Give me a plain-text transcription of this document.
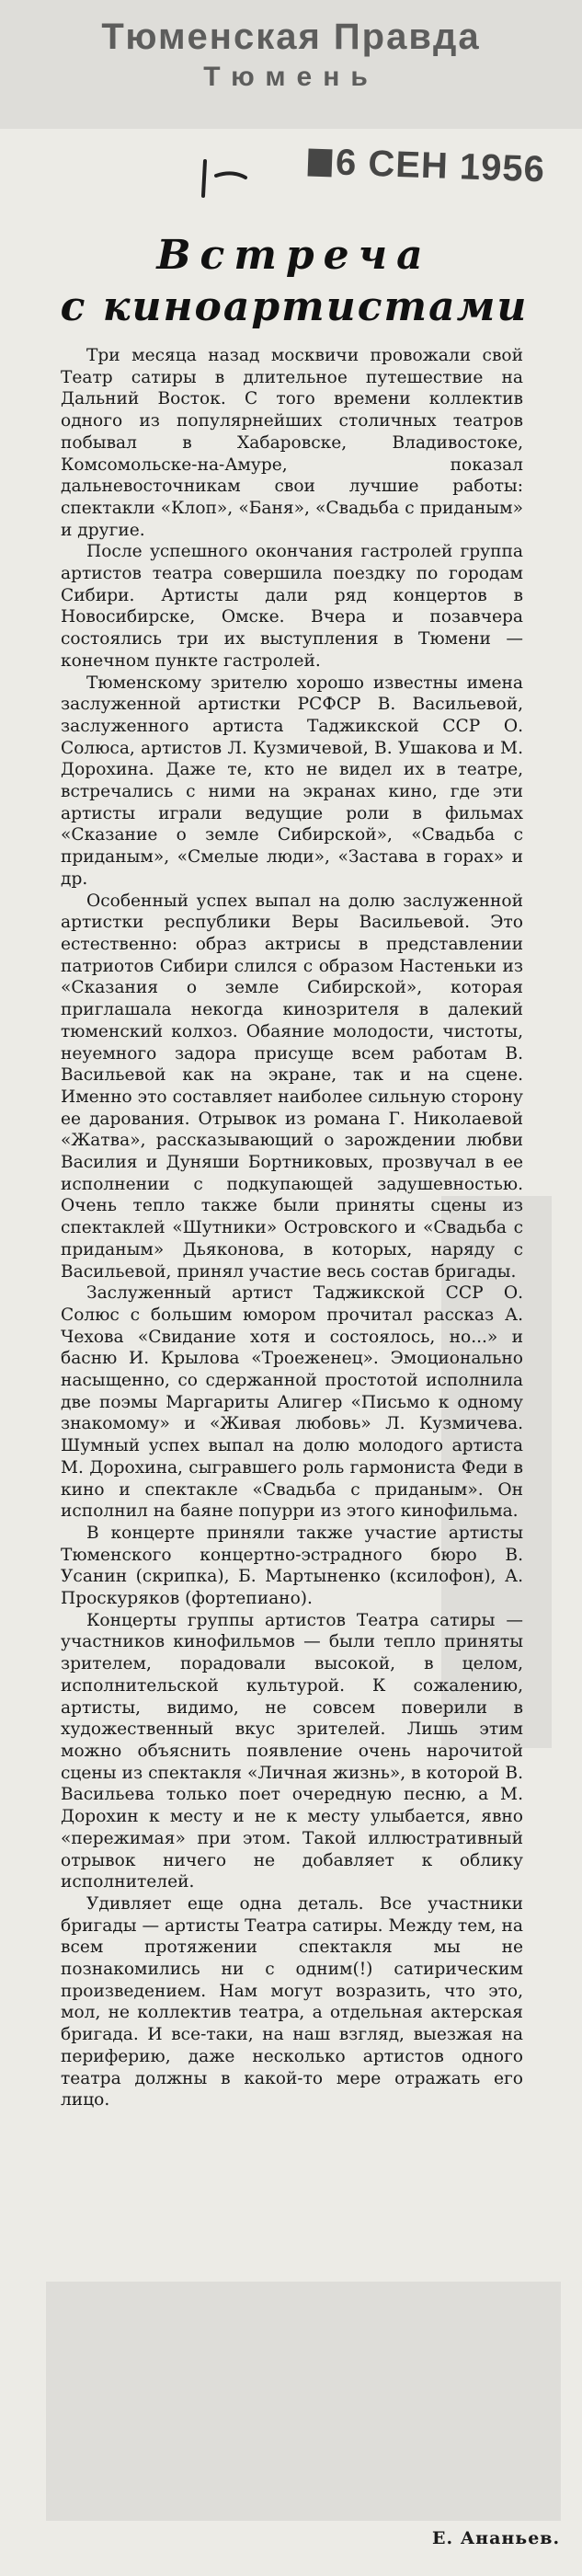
Тюменская Правда
Тюмень
6 СЕН 1956
Встреча
с киноартистами

Три месяца назад москвичи провожали свой Театр сатиры в длительное путешествие на Дальний Восток. С того времени коллектив одного из популярнейших столичных театров побывал в Хабаровске, Владивостоке, Комсомольске-на-Амуре, показал дальневосточникам свои лучшие работы: спектакли «Клоп», «Баня», «Свадьба с приданым» и другие.

После успешного окончания гастролей группа артистов театра совершила поездку по городам Сибири. Артисты дали ряд концертов в Новосибирске, Омске. Вчера и позавчера состоялись три их выступления в Тюмени — конечном пункте гастролей.

Тюменскому зрителю хорошо известны имена заслуженной артистки РСФСР В. Васильевой, заслуженного артиста Таджикской ССР О. Солюса, артистов Л. Кузмичевой, В. Ушакова и М. Дорохина. Даже те, кто не видел их в театре, встречались с ними на экранах кино, где эти артисты играли ведущие роли в фильмах «Сказание о земле Сибирской», «Свадьба с приданым», «Смелые люди», «Застава в горах» и др.

Особенный успех выпал на долю заслуженной артистки республики Веры Васильевой. Это естественно: образ актрисы в представлении патриотов Сибири слился с образом Настеньки из «Сказания о земле Сибирской», которая приглашала некогда кинозрителя в далекий тюменский колхоз. Обаяние молодости, чистоты, неуемного задора присуще всем работам В. Васильевой как на экране, так и на сцене. Именно это составляет наиболее сильную сторону ее дарования. Отрывок из романа Г. Николаевой «Жатва», рассказывающий о зарождении любви Василия и Дуняши Бортниковых, прозвучал в ее исполнении с подкупающей задушевностью. Очень тепло также были приняты сцены из спектаклей «Шутники» Островского и «Свадьба с приданым» Дьяконова, в которых, наряду с Васильевой, принял участие весь состав бригады.

Заслуженный артист Таджикской ССР О. Солюс с большим юмором прочитал рассказ А. Чехова «Свидание хотя и состоялось, но...» и басню И. Крылова «Троеженец». Эмоционально насыщенно, со сдержанной простотой исполнила две поэмы Маргариты Алигер «Письмо к одному знакомому» и «Живая любовь» Л. Кузмичева. Шумный успех выпал на долю молодого артиста М. Дорохина, сыгравшего роль гармониста Феди в кино и спектакле «Свадьба с приданым». Он исполнил на баяне попурри из этого кинофильма.

В концерте приняли также участие артисты Тюменского концертно-эстрадного бюро В. Усанин (скрипка), Б. Мартыненко (ксилофон), А. Проскуряков (фортепиано).

Концерты группы артистов Театра сатиры — участников кинофильмов — были тепло приняты зрителем, порадовали высокой, в целом, исполнительской культурой. К сожалению, артисты, видимо, не совсем поверили в художественный вкус зрителей. Лишь этим можно объяснить появление очень нарочитой сцены из спектакля «Личная жизнь», в которой В. Васильева только поет очередную песню, а М. Дорохин к месту и не к месту улыбается, явно «пережимая» при этом. Такой иллюстративный отрывок ничего не добавляет к облику исполнителей.

Удивляет еще одна деталь. Все участники бригады — артисты Театра сатиры. Между тем, на всем протяжении спектакля мы не познакомились ни с одним(!) сатирическим произведением. Нам могут возразить, что это, мол, не коллектив театра, а отдельная актерская бригада. И все-таки, на наш взгляд, выезжая на периферию, даже несколько артистов одного театра должны в какой-то мере отражать его лицо.

Е. Ананьев.
